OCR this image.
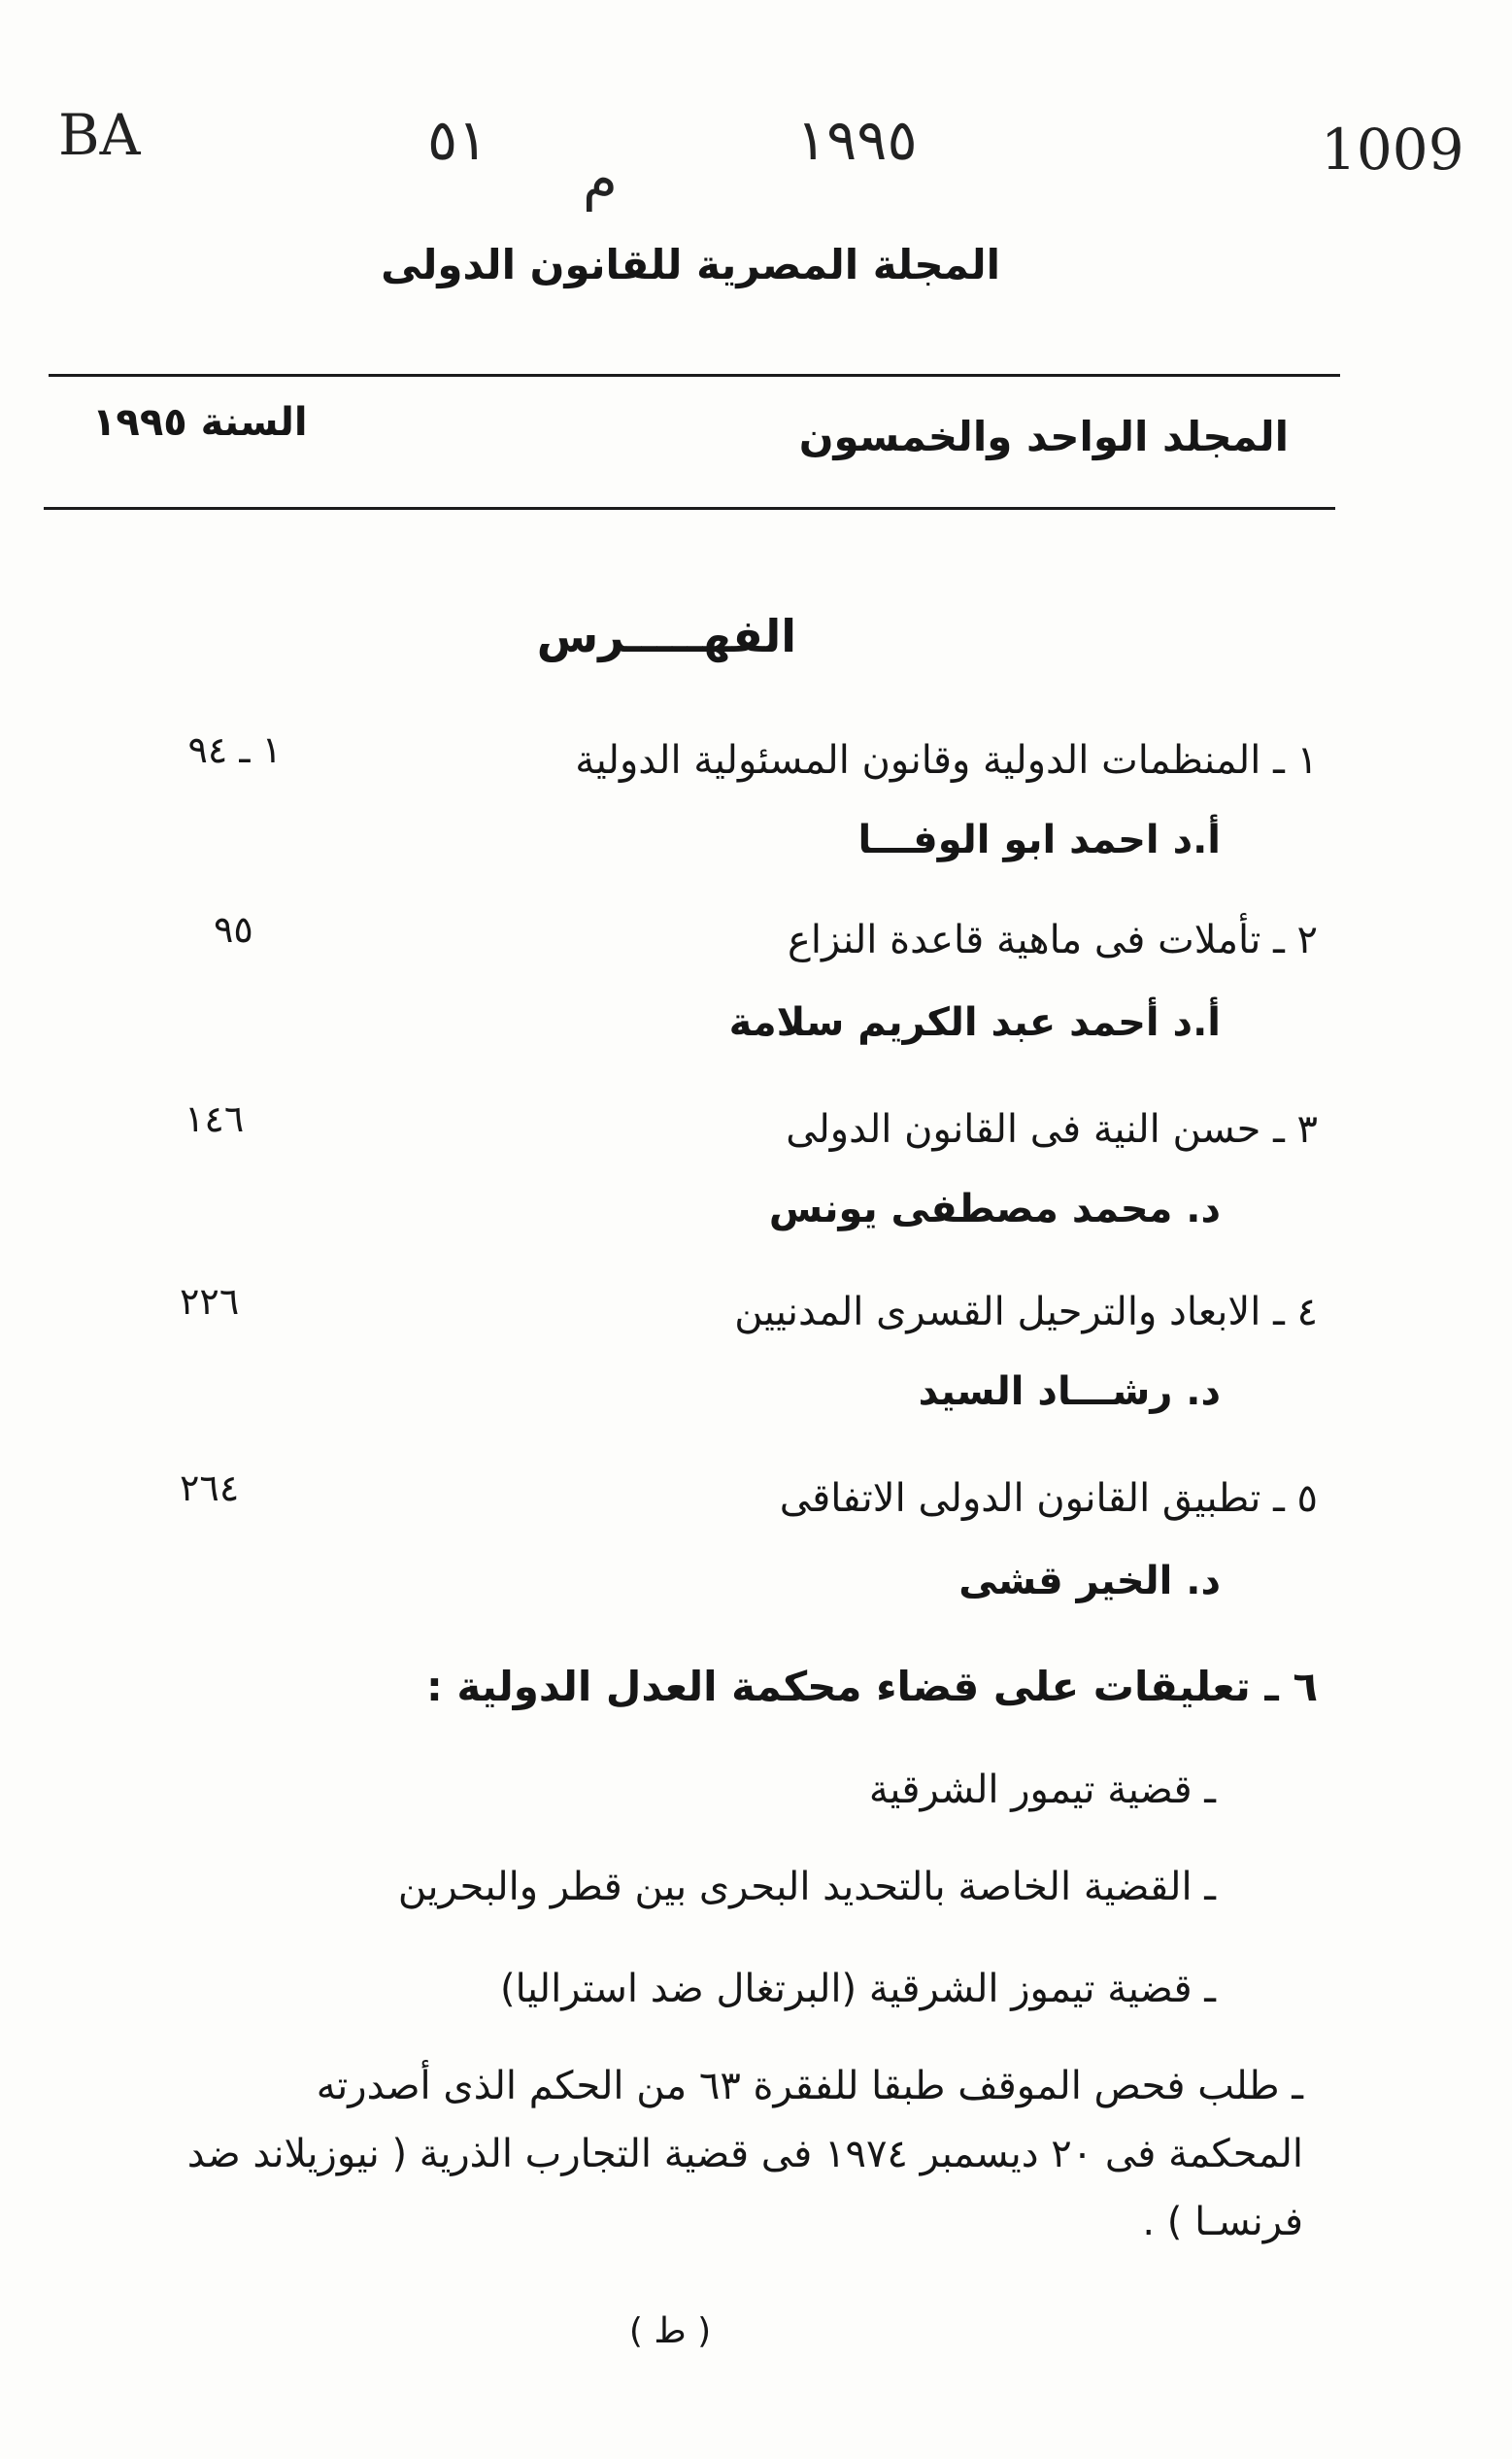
BA	٥١
م
١٩٩٥	1009
المجلة المصرية للقانون الدولى
المجلد الواحد والخمسون
السنة ١٩٩٥
الفهـــــرس
١ ـ المنظمات الدولية وقانون المسئولية الدولية
أ.د احمد ابو الوفـــا
١ ـ ٩٤
٢ ـ تأملات فى ماهية قاعدة النزاع
أ.د أحمد عبد الكريم سلامة
٩٥
٣ ـ حسن النية فى القانون الدولى
د. محمد مصطفى يونس
١٤٦
٤ ـ الابعاد والترحيل القسرى المدنيين
د. رشـــاد السيد
٢٢٦
٥ ـ تطبيق القانون الدولى الاتفاقى
د. الخير قشى
٢٦٤
٦ ـ تعليقات على قضاء محكمة العدل الدولية :
ـ قضية تيمور الشرقية
ـ القضية الخاصة بالتحديد البحرى بين قطر والبحرين
ـ قضية تيموز الشرقية (البرتغال ضد استراليا)
ـ طلب فحص الموقف طبقا للفقرة ٦٣ من الحكم الذى أصدرته
المحكمة فى ٢٠ ديسمبر ١٩٧٤ فى قضية التجارب الذرية ( نيوزيلاند ضد
فرنسـا ) .
( ط )
